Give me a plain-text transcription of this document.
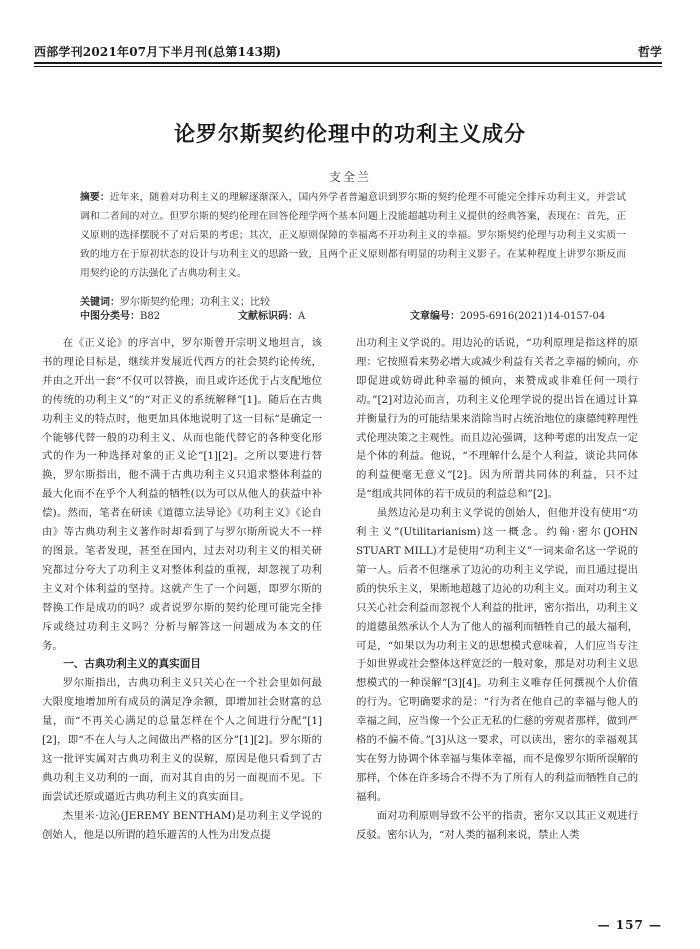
西部学刊2021年07月下半月刊(总第143期)	哲学
论罗尔斯契约伦理中的功利主义成分
支全兰
摘要：近年来，随着对功利主义的理解逐渐深入，国内外学者普遍意识到罗尔斯的契约伦理不可能完全排斥功利主义，并尝试调和二者间的对立。但罗尔斯的契约伦理在回答伦理学两个基本问题上没能超越功利主义提供的经典答案，表现在：首先，正义原则的选择摆脱不了对后果的考虑；其次，正义原则保障的幸福离不开功利主义的幸福。罗尔斯契约伦理与功利主义实质一致的地方在于原初状态的设计与功利主义的思路一致，且两个正义原则都有明显的功利主义影子。在某种程度上讲罗尔斯反而用契约论的方法强化了古典功利主义。
关键词：罗尔斯契约伦理；功利主义；比较
中图分类号：B82	文献标识码：A	文章编号：2095-6916(2021)14-0157-04

在《正义论》的序言中，罗尔斯曾开宗明义地坦言，该书的理论目标是，继续并发展近代西方的社会契约论传统，并由之开出一套“不仅可以替换，而且或许还优于占支配地位的传统的功利主义”的“对正义的系统解释”[1]。随后在古典功利主义的特点时，他更加具体地说明了这一目标“是确定一个能够代替一般的功利主义、从而也能代替它的各种变化形式的作为一种选择对象的正义论”[1][2]。之所以要进行替换，罗尔斯指出，他不满于古典功利主义只追求整体利益的最大化而不在乎个人利益的牺牲(以为可以从他人的获益中补偿)。然而，笔者在研读《道德立法导论》《功利主义》《论自由》等古典功利主义著作时却看到了与罗尔斯所说大不一样的图景。笔者发现，甚至在国内，过去对功利主义的相关研究都过分夸大了功利主义对整体利益的重视，却忽视了功利主义对个体利益的坚持。这就产生了一个问题，即罗尔斯的替换工作是成功的吗？或者说罗尔斯的契约伦理可能完全排斥或绕过功利主义吗？分析与解答这一问题成为本文的任务。

一、古典功利主义的真实面目

罗尔斯指出，古典功利主义只关心在一个社会里如何最大限度地增加所有成员的满足净余额，即增加社会财富的总量，而“不再关心满足的总量怎样在个人之间进行分配”[1][2]，即“不在人与人之间做出严格的区分”[1][2]。罗尔斯的这一批评实属对古典功利主义的误解，原因是他只看到了古典功利主义功利的一面，而对其自由的另一面视而不见。下面尝试还原或逼近古典功利主义的真实面目。

杰里米·边沁(JEREMY BENTHAM)是功利主义学说的创始人，他是以所谓的趋乐避苦的人性为出发点提

出功利主义学说的。用边沁的话说，“功利原理是指这样的原理：它按照看来势必增大或减少利益有关者之幸福的倾向，亦即促进或妨碍此种幸福的倾向，来赞成或非难任何一项行动。”[2]对边沁而言，功利主义伦理学说的提出旨在通过计算并衡量行为的可能结果来消除当时占统治地位的康德纯粹理性式伦理决策之主观性。而且边沁强调，这种考虑的出发点一定是个体的利益。他说，“不理解什么是个人利益，谈论共同体的利益便毫无意义”[2]。因为所谓共同体的利益，只不过是“组成共同体的若干成员的利益总和”[2]。

虽然边沁是功利主义学说的创始人，但他并没有使用“功利主义”(Utilitarianism)这一概念。约翰·密尔(JOHN STUART MILL)才是使用“功利主义”一词来命名这一学说的第一人。后者不但继承了边沁的功利主义学说，而且通过提出质的快乐主义，果断地超越了边沁的功利主义。面对功利主义只关心社会利益而忽视个人利益的批评，密尔指出，功利主义的道德虽然承认个人为了他人的福利而牺牲自己的最大福利，可是，“如果以为功利主义的思想模式意味着，人们应当专注于如世界或社会整体这样宽泛的一般对象，那是对功利主义思想模式的一种误解”[3][4]。功利主义唯存任何撰视个人价值的行为。它明确要求的是：“行为者在他自己的幸福与他人的幸福之间，应当像一个公正无私的仁慈的旁观者那样，做到严格的不偏不倚。”[3]从这一要求，可以读出，密尔的幸福观其实在努力协调个体幸福与集体幸福，而不是像罗尔斯所误解的那样，个体在许多场合不得不为了所有人的利益而牺牲自己的福利。

面对功利原则导致不公平的指责，密尔又以其正义观进行反驳。密尔认为，“对人类的福利来说，禁止人类

— 157 —
